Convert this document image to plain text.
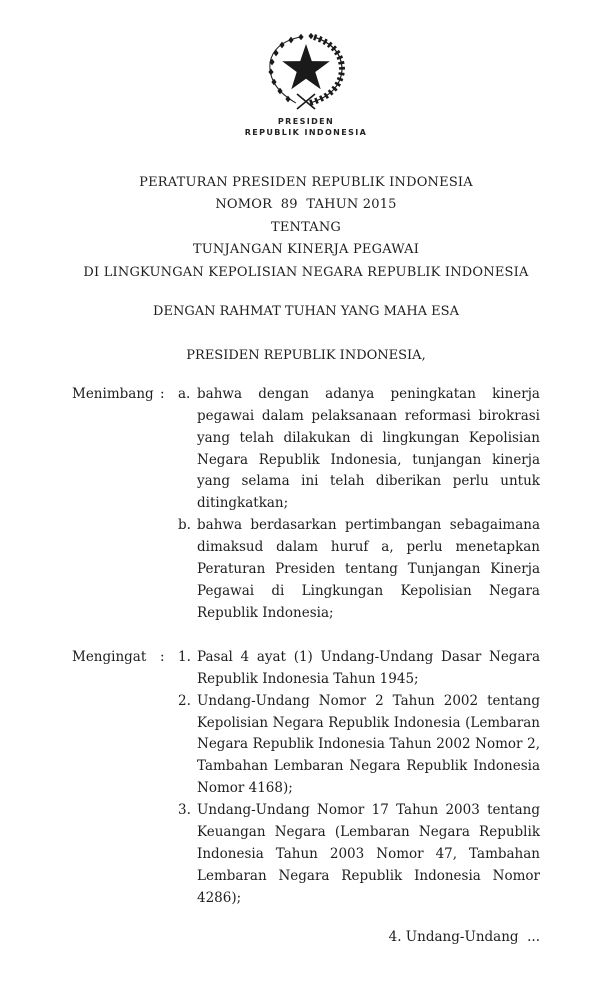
PRESIDEN
REPUBLIK INDONESIA
PERATURAN PRESIDEN REPUBLIK INDONESIA
NOMOR  89  TAHUN 2015
TENTANG
TUNJANGAN KINERJA PEGAWAI
DI LINGKUNGAN KEPOLISIAN NEGARA REPUBLIK INDONESIA
DENGAN RAHMAT TUHAN YANG MAHA ESA
PRESIDEN REPUBLIK INDONESIA,
Menimbang : a. bahwa dengan adanya peningkatan kinerja pegawai dalam pelaksanaan reformasi birokrasi yang telah dilakukan di lingkungan Kepolisian Negara Republik Indonesia, tunjangan kinerja yang selama ini telah diberikan perlu untuk ditingkatkan;

b. bahwa berdasarkan pertimbangan sebagaimana dimaksud dalam huruf a, perlu menetapkan Peraturan Presiden tentang Tunjangan Kinerja Pegawai di Lingkungan Kepolisian Negara Republik Indonesia;

Mengingat	: 1. Pasal 4 ayat (1) Undang-Undang Dasar Negara Republik Indonesia Tahun 1945;

2. Undang-Undang Nomor 2 Tahun 2002 tentang Kepolisian Negara Republik Indonesia (Lembaran Negara Republik Indonesia Tahun 2002 Nomor 2, Tambahan Lembaran Negara Republik Indonesia Nomor 4168);

3. Undang-Undang Nomor 17 Tahun 2003 tentang Keuangan Negara (Lembaran Negara Republik Indonesia Tahun 2003 Nomor 47, Tambahan Lembaran Negara Republik Indonesia Nomor 4286);

4. Undang-Undang  ...
